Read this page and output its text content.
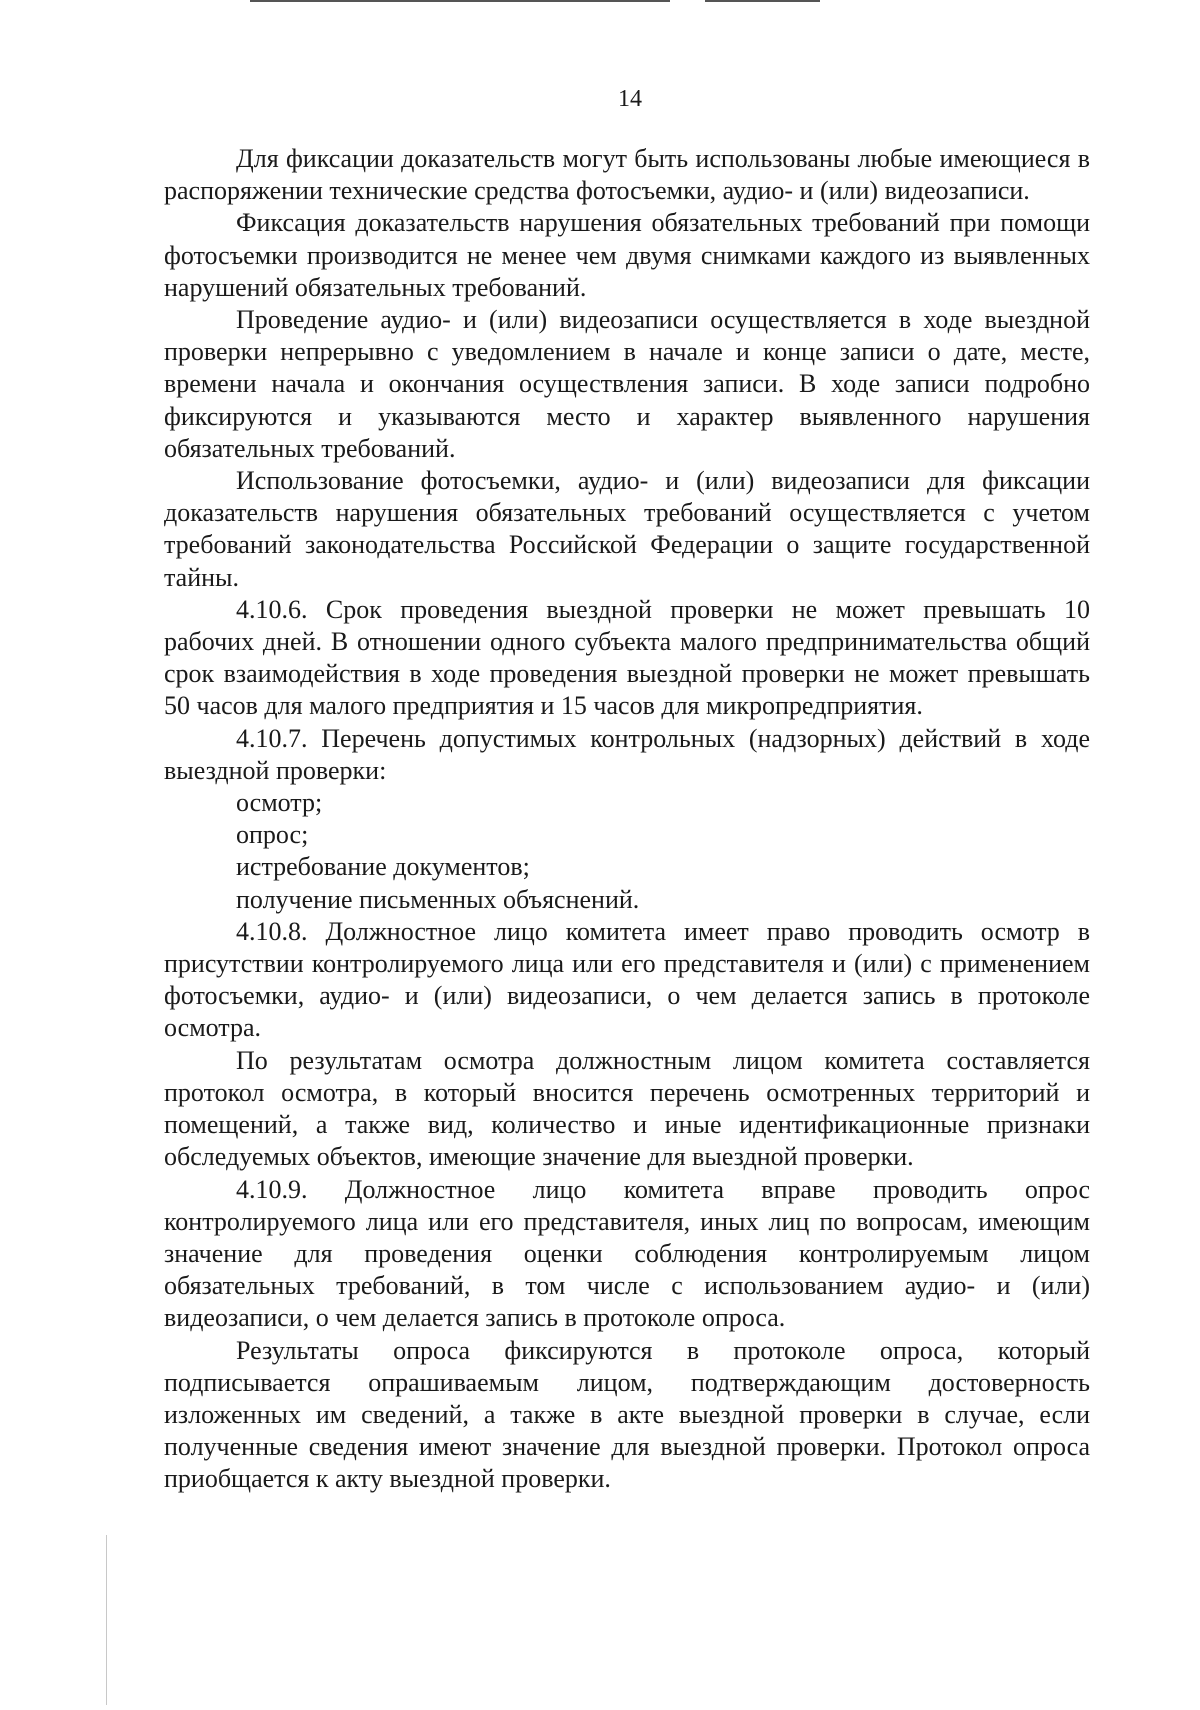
14

Для фиксации доказательств могут быть использованы любые имеющиеся в распоряжении технические средства фотосъемки, аудио- и (или) видеозаписи.

Фиксация доказательств нарушения обязательных требований при помощи фотосъемки производится не менее чем двумя снимками каждого из выявленных нарушений обязательных требований.

Проведение аудио- и (или) видеозаписи осуществляется в ходе выездной проверки непрерывно с уведомлением в начале и конце записи о дате, месте, времени начала и окончания осуществления записи. В ходе записи подробно фиксируются и указываются место и характер выявленного нарушения обязательных требований.

Использование фотосъемки, аудио- и (или) видеозаписи для фиксации доказательств нарушения обязательных требований осуществляется с учетом требований законодательства Российской Федерации о защите государственной тайны.

4.10.6. Срок проведения выездной проверки не может превышать 10 рабочих дней. В отношении одного субъекта малого предпринимательства общий срок взаимодействия в ходе проведения выездной проверки не может превышать 50 часов для малого предприятия и 15 часов для микропредприятия.

4.10.7. Перечень допустимых контрольных (надзорных) действий в ходе выездной проверки:

осмотр;

опрос;

истребование документов;

получение письменных объяснений.

4.10.8. Должностное лицо комитета имеет право проводить осмотр в присутствии контролируемого лица или его представителя и (или) с применением фотосъемки, аудио- и (или) видеозаписи, о чем делается запись в протоколе осмотра.

По результатам осмотра должностным лицом комитета составляется протокол осмотра, в который вносится перечень осмотренных территорий и помещений, а также вид, количество и иные идентификационные признаки обследуемых объектов, имеющие значение для выездной проверки.

4.10.9. Должностное лицо комитета вправе проводить опрос контролируемого лица или его представителя, иных лиц по вопросам, имеющим значение для проведения оценки соблюдения контролируемым лицом обязательных требований, в том числе с использованием аудио- и (или) видеозаписи, о чем делается запись в протоколе опроса.

Результаты опроса фиксируются в протоколе опроса, который подписывается опрашиваемым лицом, подтверждающим достоверность изложенных им сведений, а также в акте выездной проверки в случае, если полученные сведения имеют значение для выездной проверки. Протокол опроса приобщается к акту выездной проверки.
